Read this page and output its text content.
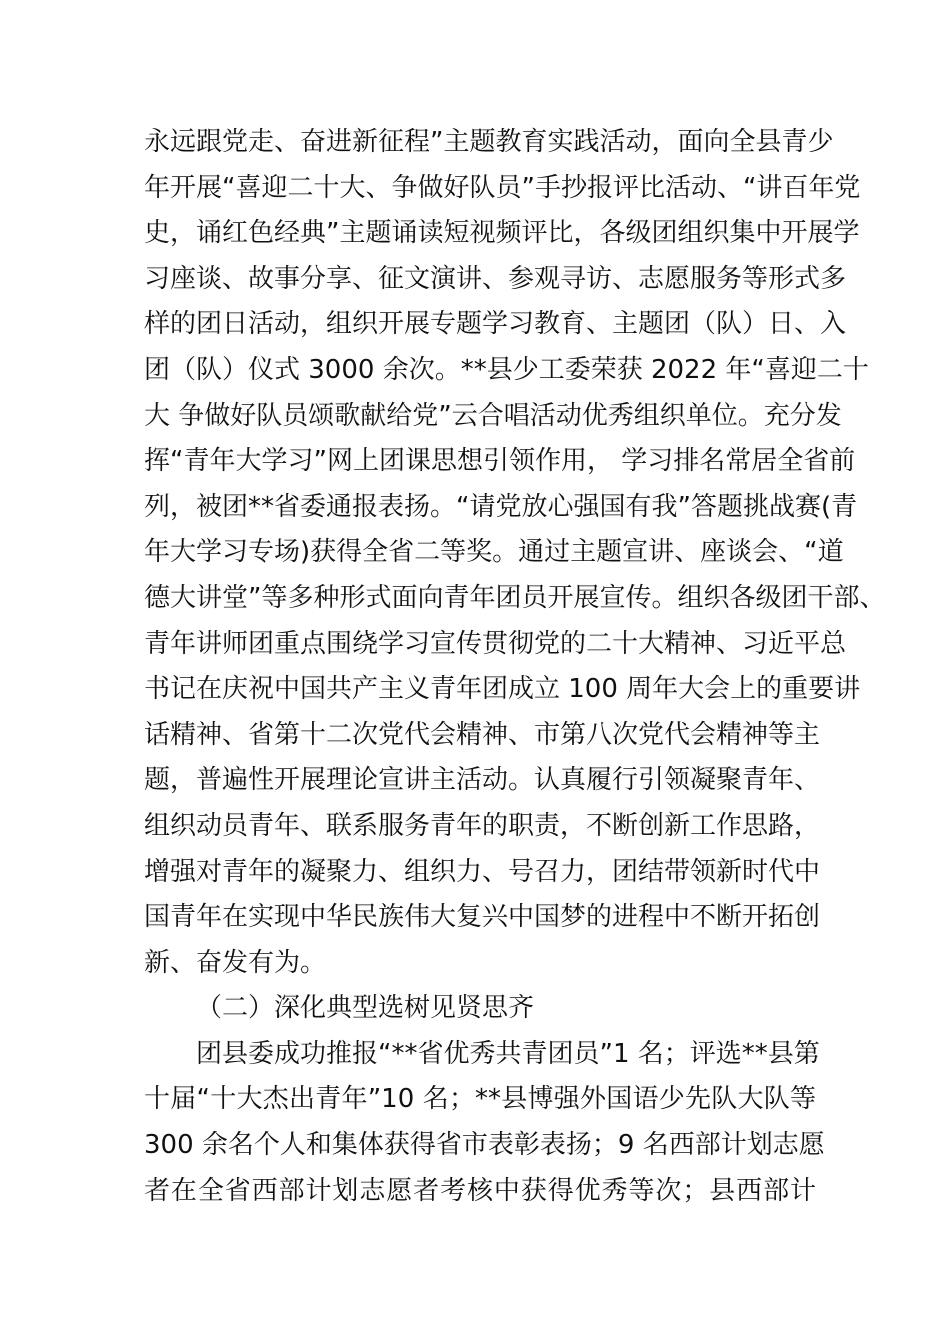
永远跟党走、奋进新征程”主题教育实践活动，面向全县青少
年开展“喜迎二十大、争做好队员”手抄报评比活动、“讲百年党
史，诵红色经典”主题诵读短视频评比，各级团组织集中开展学
习座谈、故事分享、征文演讲、参观寻访、志愿服务等形式多
样的团日活动，组织开展专题学习教育、主题团（队）日、入
团（队）仪式 3000 余次。**县少工委荣获 2022 年“喜迎二十
大 争做好队员颂歌献给党”云合唱活动优秀组织单位。充分发
挥“青年大学习”网上团课思想引领作用， 学习排名常居全省前
列，被团**省委通报表扬。“请党放心强国有我”答题挑战赛(青
年大学习专场)获得全省二等奖。通过主题宣讲、座谈会、“道
德大讲堂”等多种形式面向青年团员开展宣传。组织各级团干部、
青年讲师团重点围绕学习宣传贯彻党的二十大精神、习近平总
书记在庆祝中国共产主义青年团成立 100 周年大会上的重要讲
话精神、省第十二次党代会精神、市第八次党代会精神等主
题，普遍性开展理论宣讲主活动。认真履行引领凝聚青年、
组织动员青年、联系服务青年的职责，不断创新工作思路，
增强对青年的凝聚力、组织力、号召力，团结带领新时代中
国青年在实现中华民族伟大复兴中国梦的进程中不断开拓创
新、奋发有为。
（二）深化典型选树见贤思齐
团县委成功推报“**省优秀共青团员”1 名；评选**县第
十届“十大杰出青年”10 名；**县博强外国语少先队大队等
300 余名个人和集体获得省市表彰表扬；9 名西部计划志愿
者在全省西部计划志愿者考核中获得优秀等次；县西部计
